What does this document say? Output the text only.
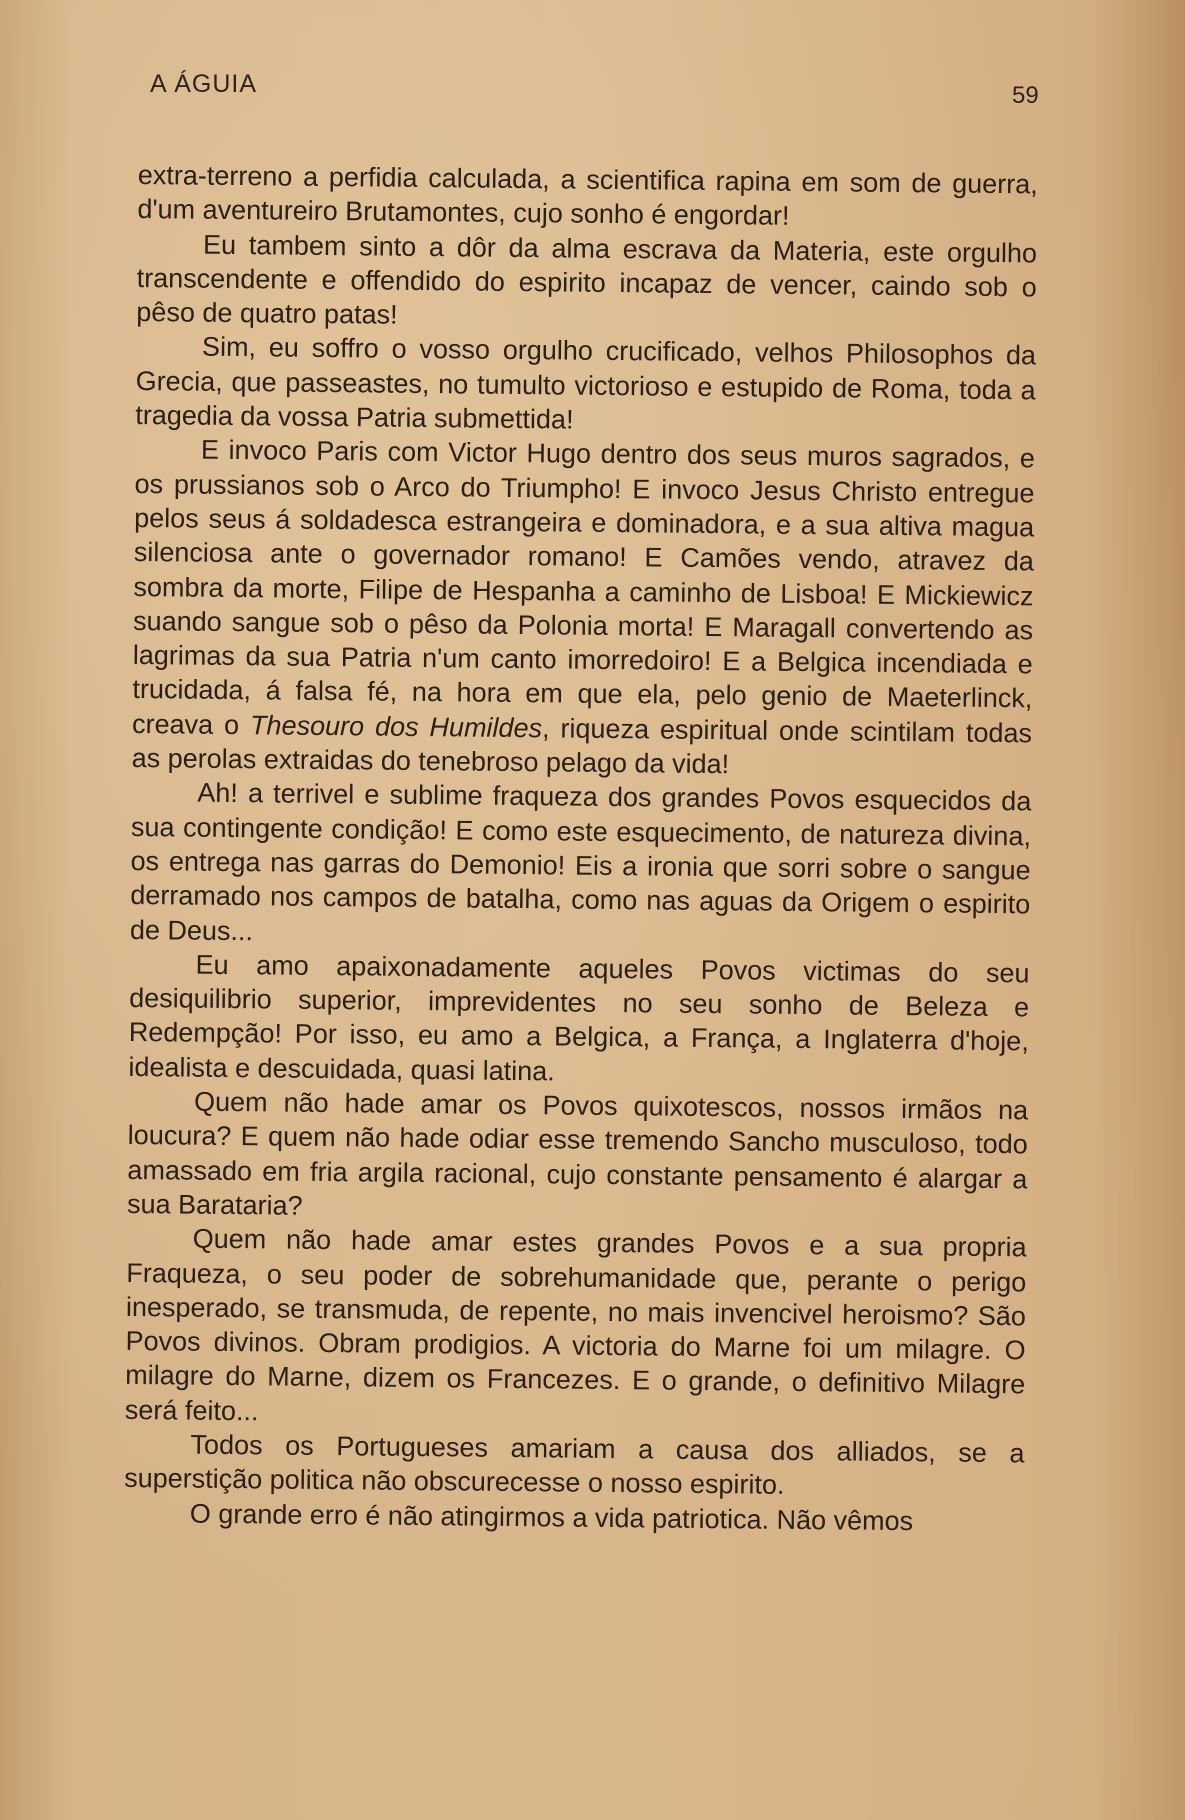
A ÁGUIA	59

extra-terreno a perfidia calculada, a scientifica rapina em som de guerra, d'um aventureiro Brutamontes, cujo sonho é engordar!

Eu tambem sinto a dôr da alma escrava da Materia, este orgulho transcendente e offendido do espirito incapaz de vencer, caindo sob o pêso de quatro patas!

Sim, eu soffro o vosso orgulho crucificado, velhos Philosophos da Grecia, que passeastes, no tumulto victorioso e estupido de Roma, toda a tragedia da vossa Patria submettida!

E invoco Paris com Victor Hugo dentro dos seus muros sagrados, e os prussianos sob o Arco do Triumpho! E invoco Jesus Christo entregue pelos seus á soldadesca estrangeira e dominadora, e a sua altiva magua silenciosa ante o governador romano! E Camões vendo, atravez da sombra da morte, Filipe de Hespanha a caminho de Lisboa! E Mickiewicz suando sangue sob o pêso da Polonia morta! E Maragall convertendo as lagrimas da sua Patria n'um canto imorredoiro! E a Belgica incendiada e trucidada, á falsa fé, na hora em que ela, pelo genio de Maeterlinck, creava o Thesouro dos Humildes, riqueza espiritual onde scintilam todas as perolas extraidas do tenebroso pelago da vida!

Ah! a terrivel e sublime fraqueza dos grandes Povos esquecidos da sua contingente condição! E como este esquecimento, de natureza divina, os entrega nas garras do Demonio! Eis a ironia que sorri sobre o sangue derramado nos campos de batalha, como nas aguas da Origem o espirito de Deus...

Eu amo apaixonadamente aqueles Povos victimas do seu desiquilibrio superior, imprevidentes no seu sonho de Beleza e Redempção! Por isso, eu amo a Belgica, a França, a Inglaterra d'hoje, idealista e descuidada, quasi latina.

Quem não hade amar os Povos quixotescos, nossos irmãos na loucura? E quem não hade odiar esse tremendo Sancho musculoso, todo amassado em fria argila racional, cujo constante pensamento é alargar a sua Barataria?

Quem não hade amar estes grandes Povos e a sua propria Fraqueza, o seu poder de sobrehumanidade que, perante o perigo inesperado, se transmuda, de repente, no mais invencivel heroismo? São Povos divinos. Obram prodigios. A victoria do Marne foi um milagre. O milagre do Marne, dizem os Francezes. E o grande, o definitivo Milagre será feito...

Todos os Portugueses amariam a causa dos alliados, se a superstição politica não obscurecesse o nosso espirito.

O grande erro é não atingirmos a vida patriotica. Não vêmos
